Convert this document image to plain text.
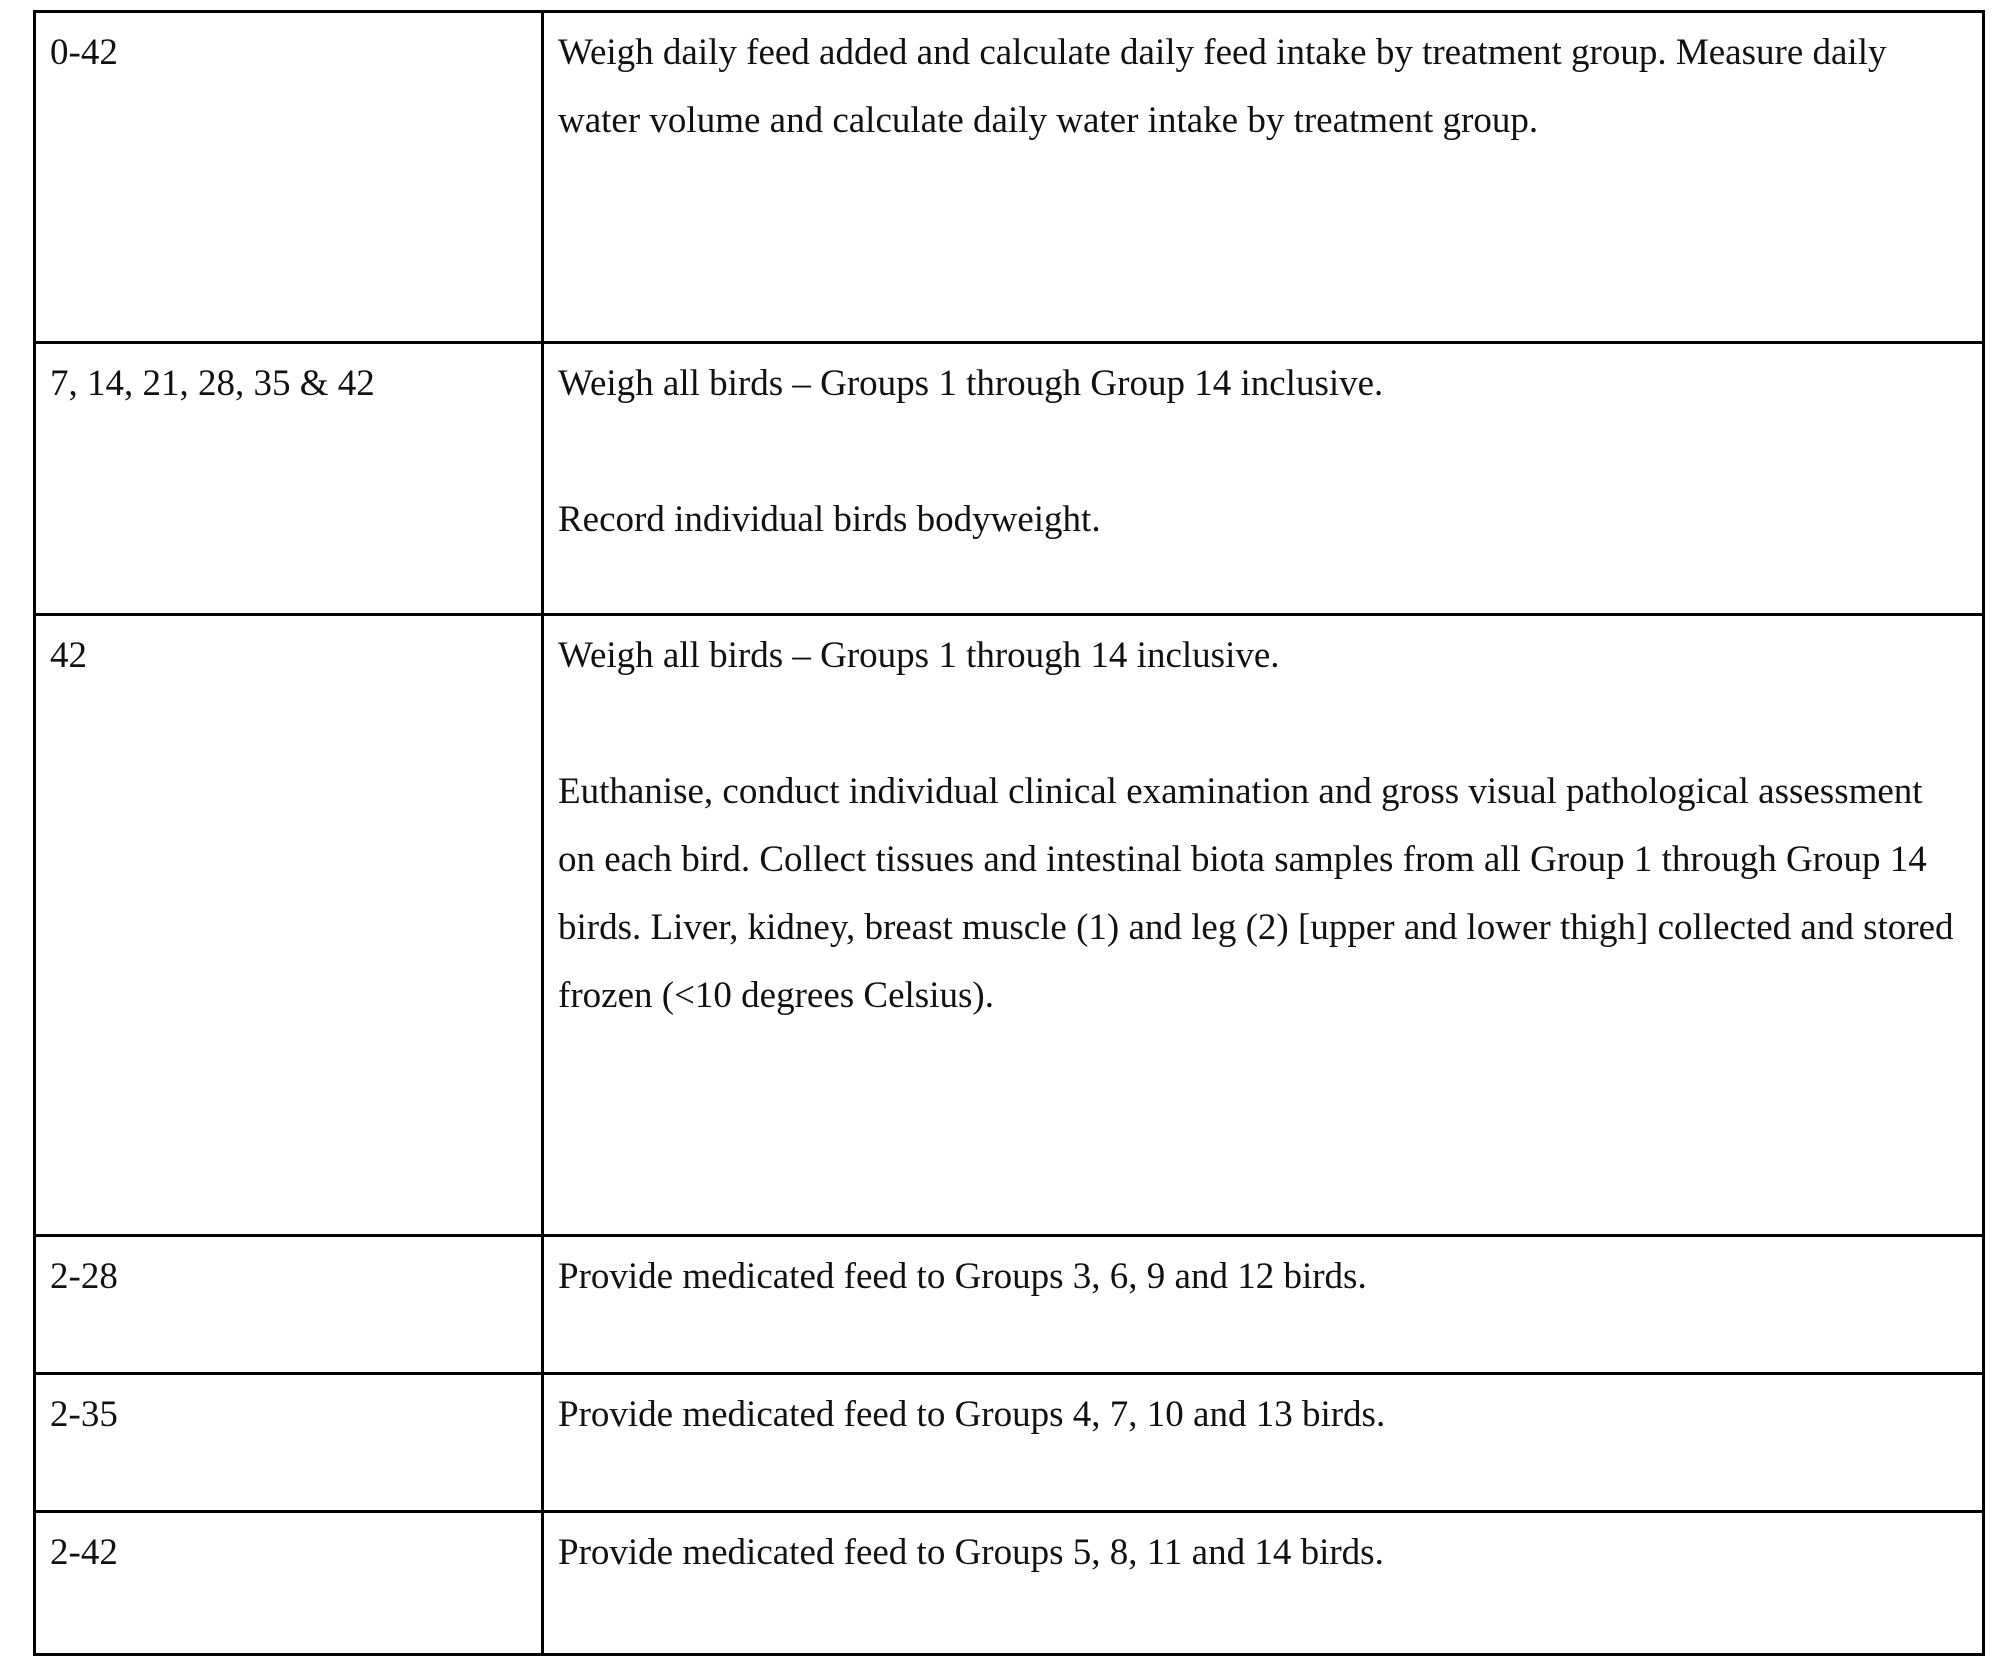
0-42	Weigh daily feed added and calculate daily feed intake by treatment group. Measure daily water volume and calculate daily water intake by treatment group.
7, 14, 21, 28, 35 & 42	Weigh all birds – Groups 1 through Group 14 inclusive.

Record individual birds bodyweight.
42	Weigh all birds – Groups 1 through 14 inclusive.

Euthanise, conduct individual clinical examination and gross visual pathological assessment on each bird. Collect tissues and intestinal biota samples from all Group 1 through Group 14 birds. Liver, kidney, breast muscle (1) and leg (2) [upper and lower thigh] collected and stored frozen (<10 degrees Celsius).
2-28	Provide medicated feed to Groups 3, 6, 9 and 12 birds.
2-35	Provide medicated feed to Groups 4, 7, 10 and 13 birds.
2-42	Provide medicated feed to Groups 5, 8, 11 and 14 birds.
